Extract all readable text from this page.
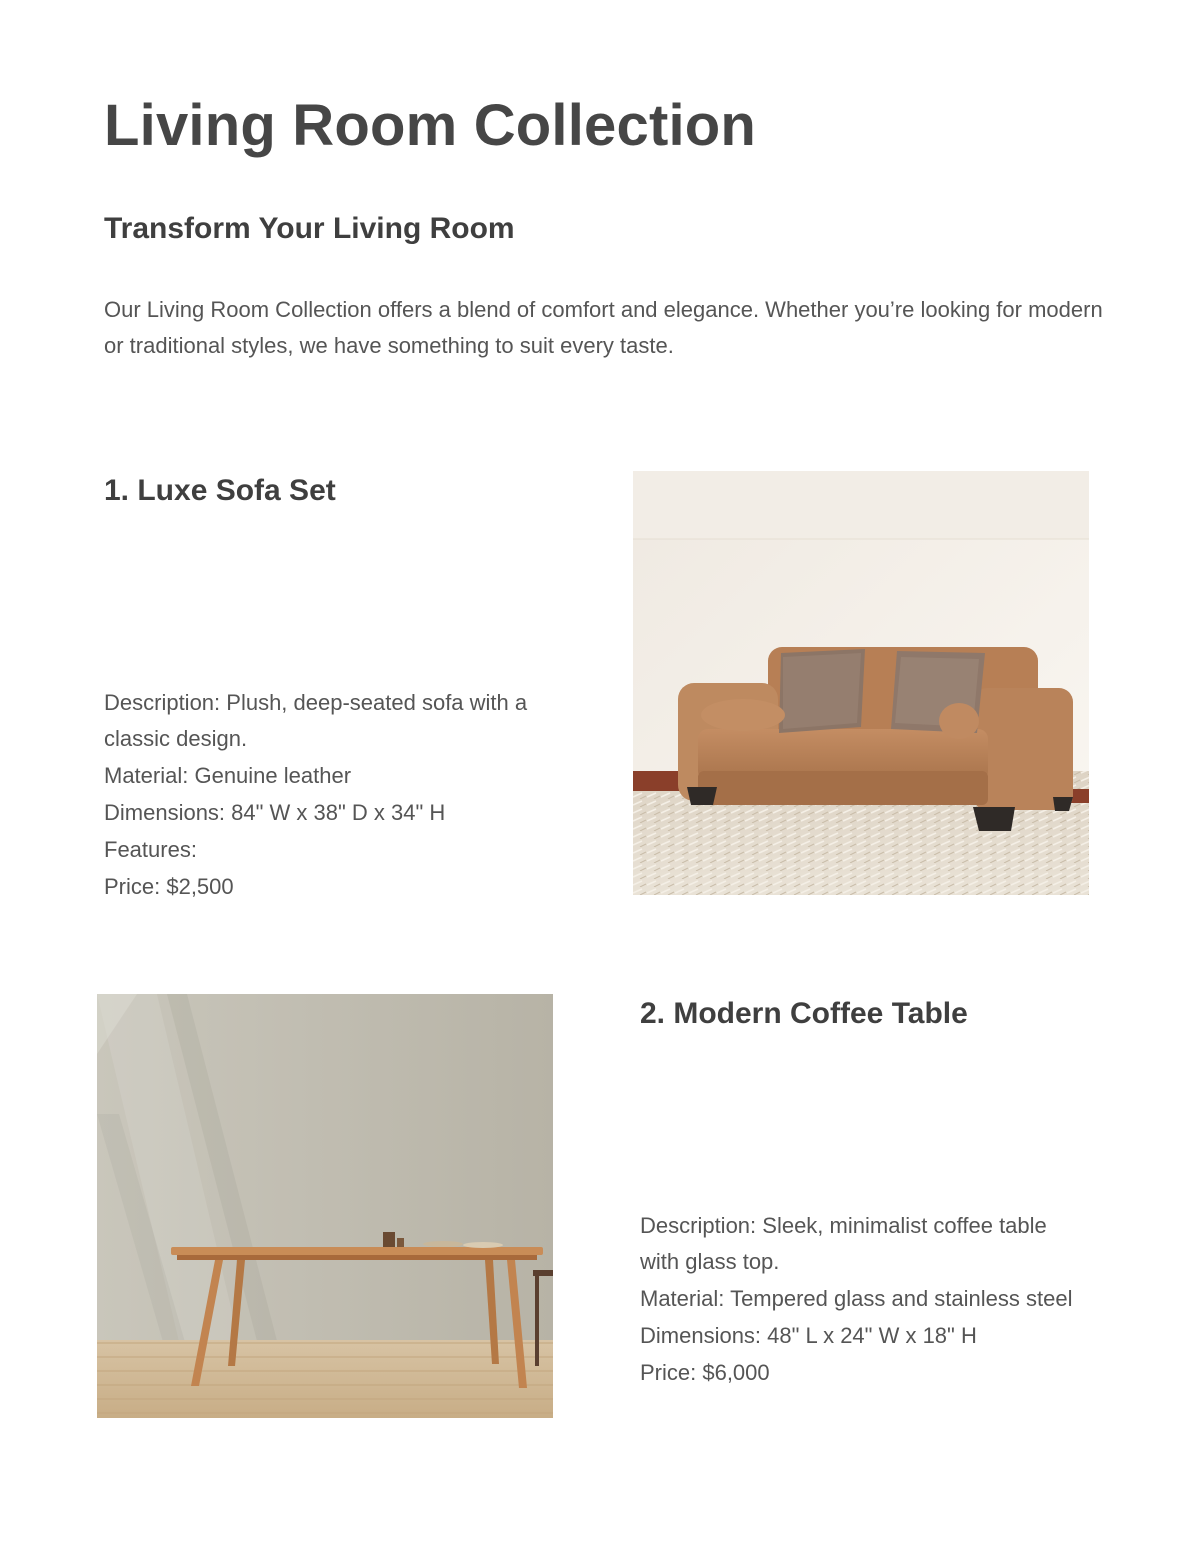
Living Room Collection
Transform Your Living Room

Our Living Room Collection offers a blend of comfort and elegance. Whether you’re looking for modern or traditional styles, we have something to suit every taste.

1. Luxe Sofa Set
Description: Plush, deep-seated sofa with a classic design.
Material: Genuine leather
Dimensions: 84" W x 38" D x 34" H
Features:
Price: $2,500
2. Modern Coffee Table
Description: Sleek, minimalist coffee table with glass top.
Material: Tempered glass and stainless steel
Dimensions: 48" L x 24" W x 18" H
Price: $6,000
